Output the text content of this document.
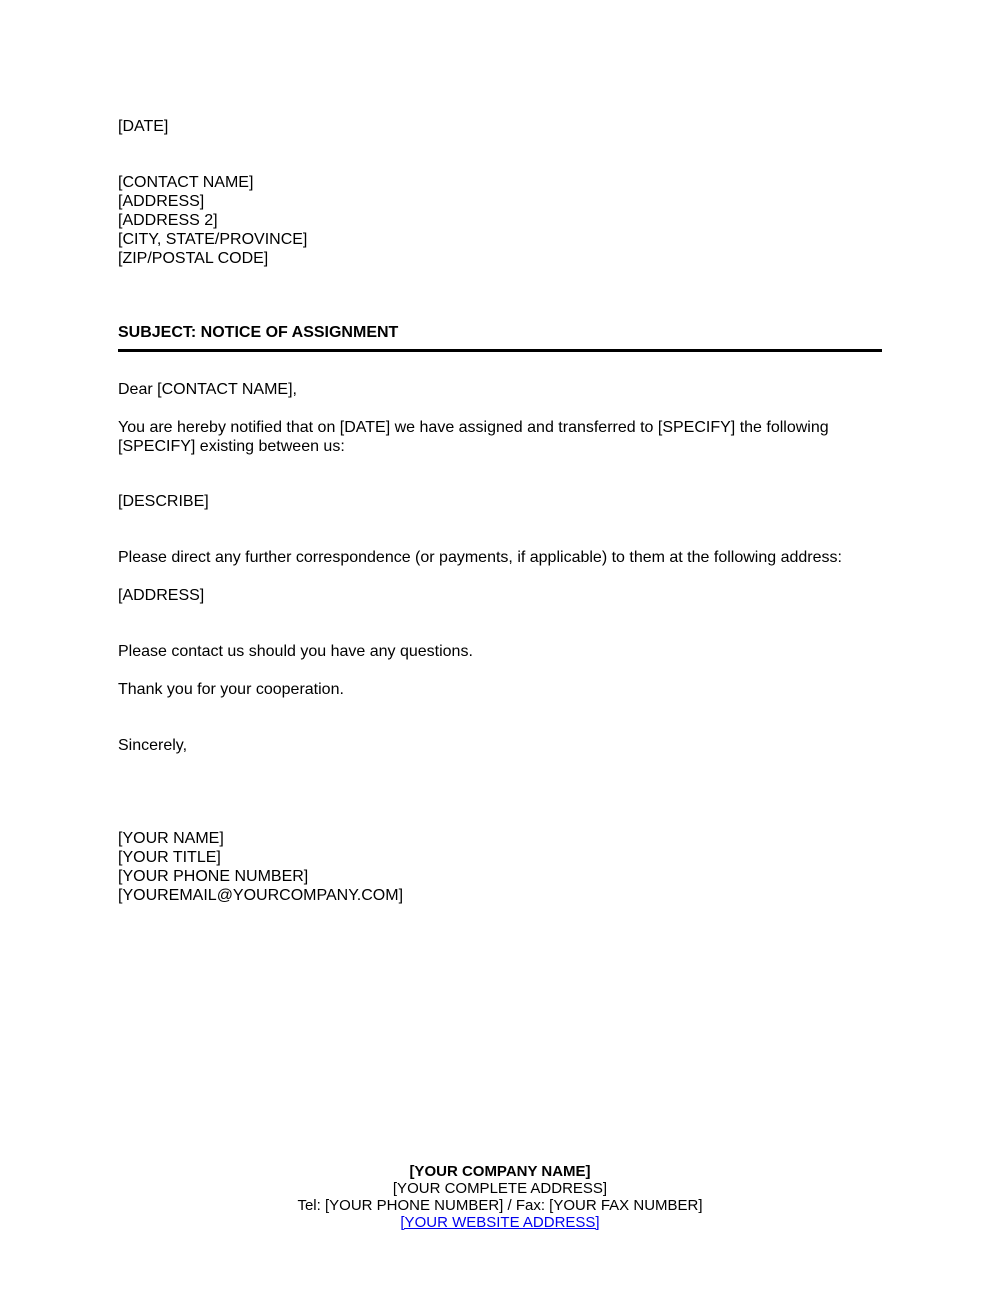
[DATE]
[CONTACT NAME]
[ADDRESS]
[ADDRESS 2]
[CITY, STATE/PROVINCE]
[ZIP/POSTAL CODE]
SUBJECT: NOTICE OF ASSIGNMENT
Dear [CONTACT NAME],
You are hereby notified that on [DATE] we have assigned and transferred to [SPECIFY] the following
[SPECIFY] existing between us:
[DESCRIBE]
Please direct any further correspondence (or payments, if applicable) to them at the following address:
[ADDRESS]
Please contact us should you have any questions.
Thank you for your cooperation.
Sincerely,
[YOUR NAME]
[YOUR TITLE]
[YOUR PHONE NUMBER]
[YOUREMAIL@YOURCOMPANY.COM]
[YOUR COMPANY NAME]
[YOUR COMPLETE ADDRESS]
Tel: [YOUR PHONE NUMBER] / Fax: [YOUR FAX NUMBER]
[YOUR WEBSITE ADDRESS]
